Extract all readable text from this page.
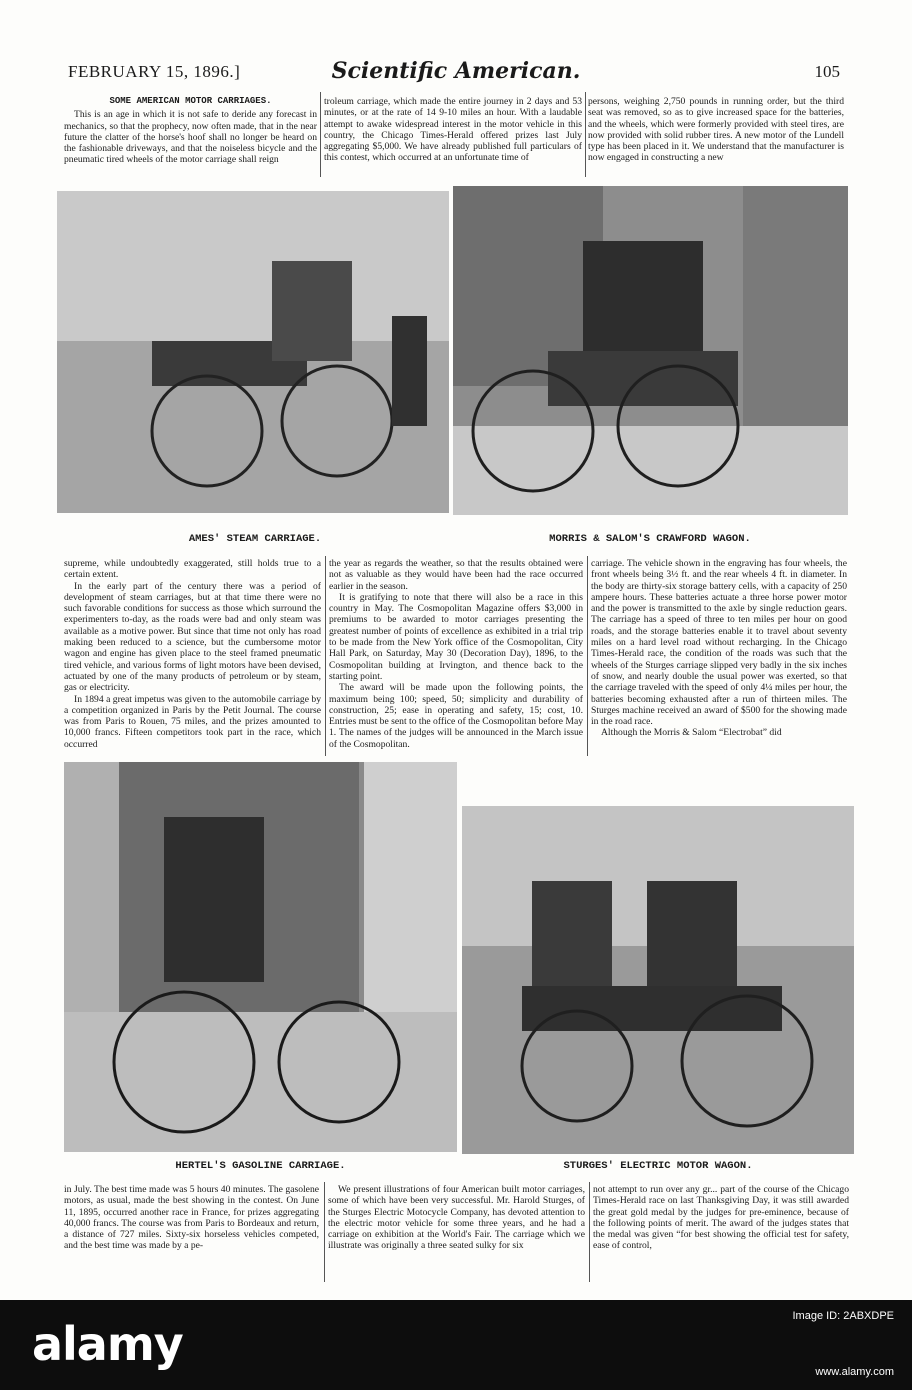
FEBRUARY 15, 1896.]	Scientific American.	105
SOME AMERICAN MOTOR CARRIAGES.

This is an age in which it is not safe to deride any forecast in mechanics, so that the prophecy, now often made, that in the near future the clatter of the horse's hoof shall no longer be heard on the fashionable driveways, and that the noiseless bicycle and the pneumatic tired wheels of the motor carriage shall reign

troleum carriage, which made the entire journey in 2 days and 53 minutes, or at the rate of 14 9-10 miles an hour. With a laudable attempt to awake widespread interest in the motor vehicle in this country, the Chicago Times-Herald offered prizes last July aggregating $5,000. We have already published full particulars of this contest, which occurred at an unfortunate time of

persons, weighing 2,750 pounds in running order, but the third seat was removed, so as to give increased space for the batteries, and the wheels, which were formerly provided with steel tires, are now provided with solid rubber tires. A new motor of the Lundell type has been placed in it. We understand that the manufacturer is now engaged in constructing a new

AMES' STEAM CARRIAGE.	MORRIS & SALOM'S CRAWFORD WAGON.

supreme, while undoubtedly exaggerated, still holds true to a certain extent.

In the early part of the century there was a period of development of steam carriages, but at that time there were no such favorable conditions for success as those which surround the experimenters to-day, as the roads were bad and only steam was available as a motive power. But since that time not only has road making been reduced to a science, but the cumbersome motor wagon and engine has given place to the steel framed pneumatic tired vehicle, and various forms of light motors have been devised, actuated by one of the many products of petroleum or by steam, gas or electricity.

In 1894 a great impetus was given to the automobile carriage by a competition organized in Paris by the Petit Journal. The course was from Paris to Rouen, 75 miles, and the prizes amounted to 10,000 francs. Fifteen competitors took part in the race, which occurred

the year as regards the weather, so that the results obtained were not as valuable as they would have been had the race occurred earlier in the season.

It is gratifying to note that there will also be a race in this country in May. The Cosmopolitan Magazine offers $3,000 in premiums to be awarded to motor carriages presenting the greatest number of points of excellence as exhibited in a trial trip to be made from the New York office of the Cosmopolitan, City Hall Park, on Saturday, May 30 (Decoration Day), 1896, to the Cosmopolitan building at Irvington, and thence back to the starting point.

The award will be made upon the following points, the maximum being 100; speed, 50; simplicity and durability of construction, 25; ease in operating and safety, 15; cost, 10. Entries must be sent to the office of the Cosmopolitan before May 1. The names of the judges will be announced in the March issue of the Cosmopolitan.

carriage. The vehicle shown in the engraving has four wheels, the front wheels being 3½ ft. and the rear wheels 4 ft. in diameter. In the body are thirty-six storage battery cells, with a capacity of 250 ampere hours. These batteries actuate a three horse power motor and the power is transmitted to the axle by single reduction gears. The carriage has a speed of three to ten miles per hour on good roads, and the storage batteries enable it to travel about seventy miles on a hard level road without recharging. In the Chicago Times-Herald race, the condition of the roads was such that the wheels of the Sturges carriage slipped very badly in the six inches of snow, and nearly double the usual power was exerted, so that the carriage traveled with the speed of only 4¼ miles per hour, the batteries becoming exhausted after a run of thirteen miles. The Sturges machine received an award of $500 for the showing made in the road race.

Although the Morris & Salom “Electrobat” did

HERTEL'S GASOLINE CARRIAGE.	STURGES' ELECTRIC MOTOR WAGON.

in July. The best time made was 5 hours 40 minutes. The gasolene motors, as usual, made the best showing in the contest. On June 11, 1895, occurred another race in France, for prizes aggregating 40,000 francs. The course was from Paris to Bordeaux and return, a distance of 727 miles. Sixty-six horseless vehicles competed, and the best time was made by a pe-

We present illustrations of four American built motor carriages, some of which have been very successful. Mr. Harold Sturges, of the Sturges Electric Motocycle Company, has devoted attention to the electric motor vehicle for some three years, and he had a carriage on exhibition at the World's Fair. The carriage which we illustrate was originally a three seated sulky for six

not attempt to run over any gr... part of the course of the Chicago Times-Herald race on last Thanksgiving Day, it was still awarded the great gold medal by the judges for pre-eminence, because of the following points of merit. The award of the judges states that the medal was given “for best showing the official test for safety, ease of control,

alamy
Image ID: 2ABXDPE
www.alamy.com
